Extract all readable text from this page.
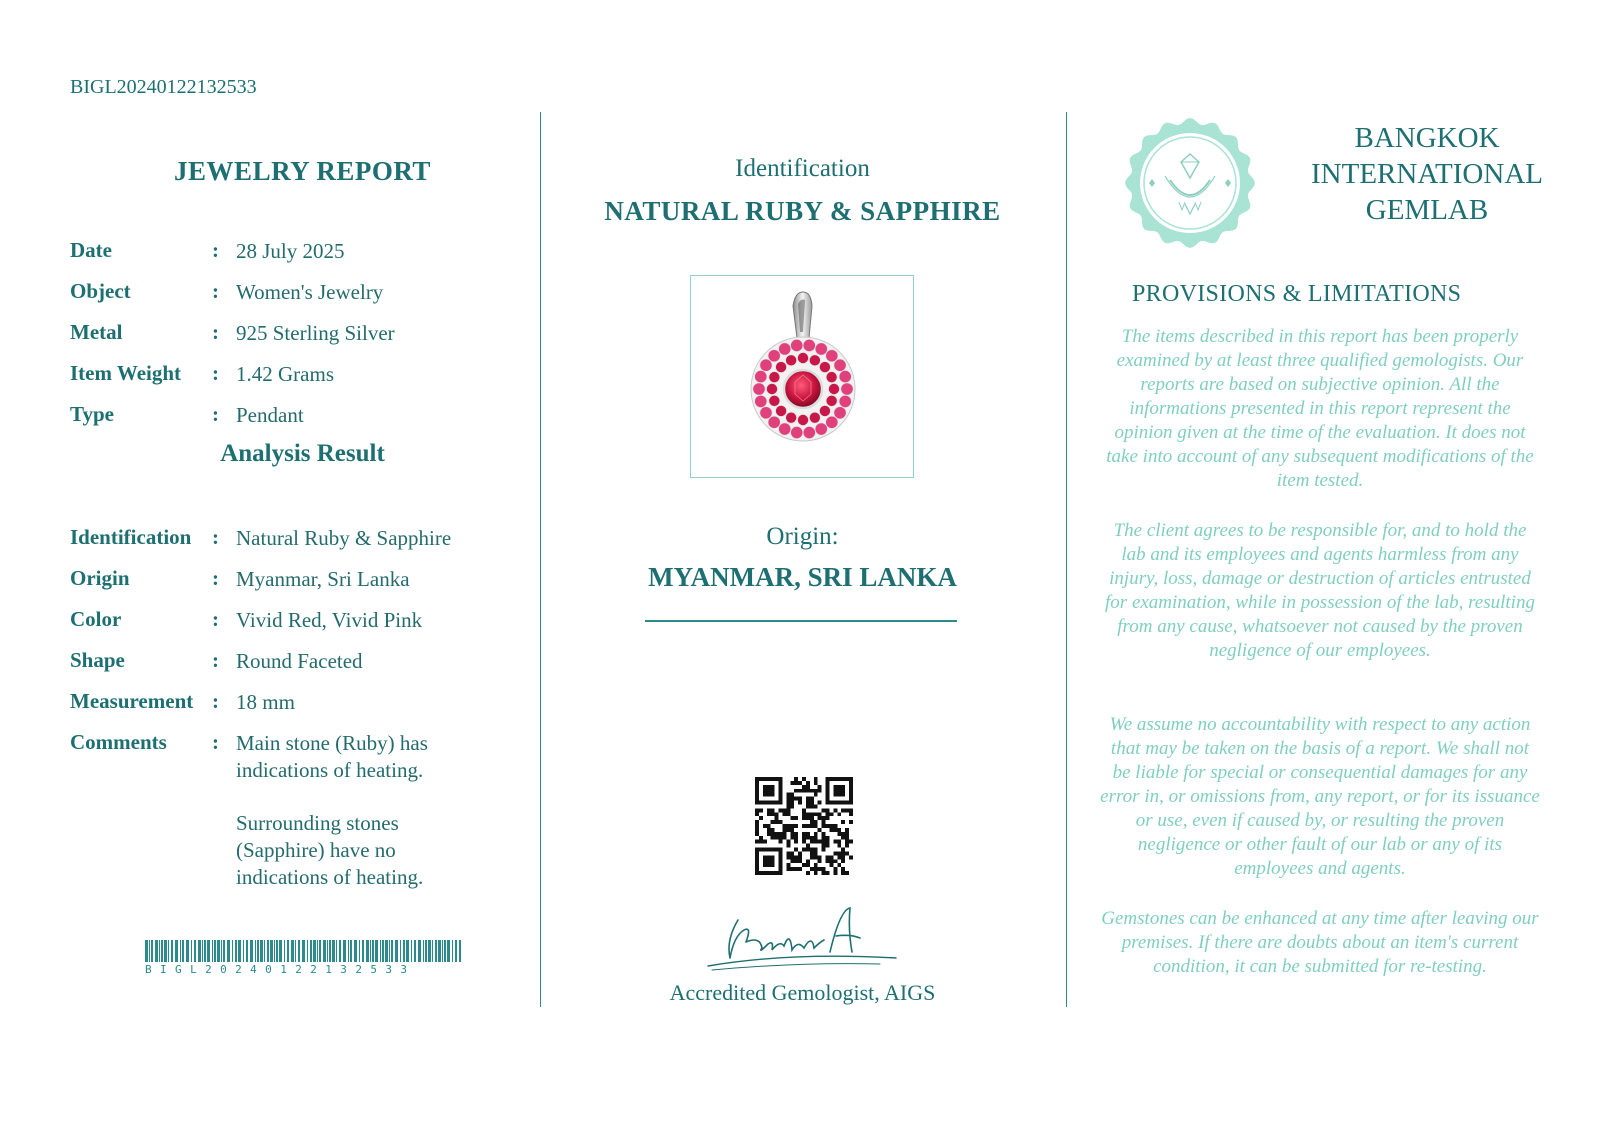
BIGL20240122132533
JEWELRY REPORT
Date	: 28 July 2025
Object	: Women's Jewelry
Metal	: 925 Sterling Silver
Item Weight	: 1.42 Grams
Type	: Pendant
Analysis Result
Identification : Natural Ruby & Sapphire
Origin	: Myanmar, Sri Lanka
Color	: Vivid Red, Vivid Pink
Shape	: Round Faceted
Measurement : 18 mm
Comments	: Main stone (Ruby) has
indications of heating.
Surrounding stones
(Sapphire) have no
indications of heating.
BIGL20240122132533
Identification
NATURAL RUBY & SAPPHIRE
Origin:
MYANMAR, SRI LANKA
Accredited Gemologist, AIGS
BANGKOK
INTERNATIONAL
GEMLAB
PROVISIONS & LIMITATIONS
The items described in this report has been properly examined by at least three qualified gemologists. Our reports are based on subjective opinion. All the informations presented in this report represent the opinion given at the time of the evaluation. It does not take into account of any subsequent modifications of the item tested.
The client agrees to be responsible for, and to hold the lab and its employees and agents harmless from any injury, loss, damage or destruction of articles entrusted for examination, while in possession of the lab, resulting from any cause, whatsoever not caused by the proven negligence of our employees.
We assume no accountability with respect to any action that may be taken on the basis of a report. We shall not be liable for special or consequential damages for any error in, or omissions from, any report, or for its issuance or use, even if caused by, or resulting the proven negligence or other fault of our lab or any of its employees and agents.
Gemstones can be enhanced at any time after leaving our premises. If there are doubts about an item's current condition, it can be submitted for re-testing.
